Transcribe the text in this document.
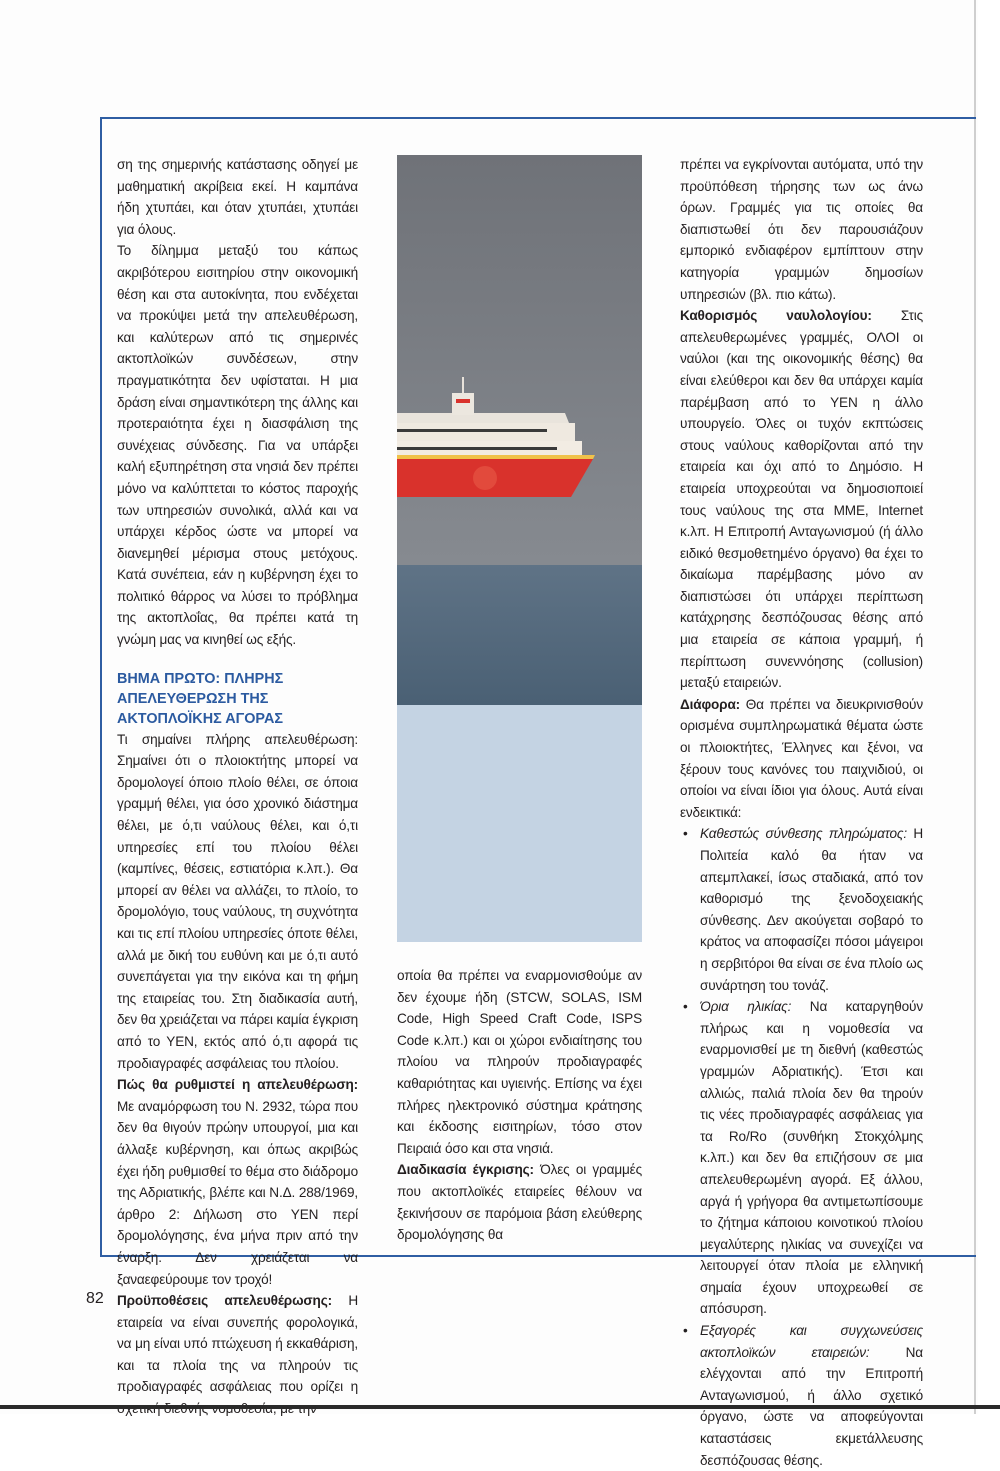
ση της σημερινής κατάστασης οδηγεί με μαθηματική ακρίβεια εκεί. Η καμπάνα ήδη χτυπάει, και όταν χτυπάει, χτυπάει για όλους.

Το δίλημμα μεταξύ του κάπως ακριβότερου εισιτηρίου στην οικονομική θέση και στα αυτοκίνητα, που ενδέχεται να προκύψει μετά την απελευθέρωση, και καλύτερων από τις σημερινές ακτοπλοϊκών συνδέσεων, στην πραγματικότητα δεν υφίσταται. Η μια δράση είναι σημαντικότερη της άλλης και προτεραιότητα έχει η διασφάλιση της συνέχειας σύνδεσης. Για να υπάρξει καλή εξυπηρέτηση στα νησιά δεν πρέπει μόνο να καλύπτεται το κόστος παροχής των υπηρεσιών συνολικά, αλλά και να υπάρχει κέρδος ώστε να μπορεί να διανεμηθεί μέρισμα στους μετόχους. Κατά συνέπεια, εάν η κυβέρνηση έχει το πολιτικό θάρρος να λύσει το πρόβλημα της ακτοπλοΐας, θα πρέπει κατά τη γνώμη μας να κινηθεί ως εξής.

ΒΗΜΑ ΠΡΩΤΟ: ΠΛΗΡΗΣ ΑΠΕΛΕΥΘΕΡΩΣΗ ΤΗΣ ΑΚΤΟΠΛΟΪΚΗΣ ΑΓΟΡΑΣ

Τι σημαίνει πλήρης απελευθέρωση: Σημαίνει ότι ο πλοιοκτήτης μπορεί να δρομολογεί όποιο πλοίο θέλει, σε όποια γραμμή θέλει, για όσο χρονικό διάστημα θέλει, με ό,τι ναύλους θέλει, και ό,τι υπηρεσίες επί του πλοίου θέλει (καμπίνες, θέσεις, εστιατόρια κ.λπ.). Θα μπορεί αν θέλει να αλλάζει, το πλοίο, το δρομολόγιο, τους ναύλους, τη συχνότητα και τις επί πλοίου υπηρεσίες όποτε θέλει, αλλά με δική του ευθύνη και με ό,τι αυτό συνεπάγεται για την εικόνα και τη φήμη της εταιρείας του. Στη διαδικασία αυτή, δεν θα χρειάζεται να πάρει καμία έγκριση από το ΥΕΝ, εκτός από ό,τι αφορά τις προδιαγραφές ασφάλειας του πλοίου.

Πώς θα ρυθμιστεί η απελευθέρωση: Με αναμόρφωση του Ν. 2932, τώρα που δεν θα θιγούν πρώην υπουργοί, μια και άλλαξε κυβέρνηση, και όπως ακριβώς έχει ήδη ρυθμισθεί το θέμα στο διάδρομο της Αδριατικής, βλέπε και Ν.Δ. 288/1969, άρθρο 2: Δήλωση στο ΥΕΝ περί δρομολόγησης, ένα μήνα πριν από την έναρξη. Δεν χρειάζεται να ξαναεφεύρουμε τον τροχό!

Προϋποθέσεις απελευθέρωσης: Η εταιρεία να είναι συνεπής φορολογικά, να μη είναι υπό πτώχευση ή εκκαθάριση, και τα πλοία της να πληρούν τις προδιαγραφές ασφάλειας που ορίζει η

οποία θα πρέπει να εναρμονισθούμε αν δεν έχουμε ήδη (STCW, SOLAS, ISM Code, High Speed Craft Code, ISPS Code κ.λπ.) και οι χώροι ενδιαίτησης του πλοίου να πληρούν προδιαγραφές καθαριότητας και υγιεινής. Επίσης να έχει πλήρες ηλεκτρονικό σύστημα κράτησης και έκδοσης εισιτηρίων, τόσο στον Πειραιά όσο και στα νησιά.

Διαδικασία έγκρισης: Όλες οι γραμμές που ακτοπλοϊκές εταιρείες θέλουν να ξεκινήσουν σε παρόμοια βάση ελεύθερης δρομολόγησης θα

πρέπει να εγκρίνονται αυτόματα, υπό την προϋπόθεση τήρησης των ως άνω όρων. Γραμμές για τις οποίες θα διαπιστωθεί ότι δεν παρουσιάζουν εμπορικό ενδιαφέρον εμπίπτουν στην κατηγορία γραμμών δημοσίων υπηρεσιών (βλ. πιο κάτω).

Καθορισμός ναυλολογίου: Στις απελευθερωμένες γραμμές, ΟΛΟΙ οι ναύλοι (και της οικονομικής θέσης) θα είναι ελεύθεροι και δεν θα υπάρχει καμία παρέμβαση από το ΥΕΝ η άλλο υπουργείο. Όλες οι τυχόν εκπτώσεις στους ναύλους καθορίζονται από την εταιρεία και όχι από το Δημόσιο. Η εταιρεία υποχρεούται να δημοσιοποιεί τους ναύλους της στα ΜΜΕ, Internet κ.λπ. Η Επιτροπή Ανταγωνισμού (ή άλλο ειδικό θεσμοθετημένο όργανο) θα έχει το δικαίωμα παρέμβασης μόνο αν διαπιστώσει ότι υπάρχει περίπτωση κατάχρησης δεσπόζουσας θέσης από μια εταιρεία σε κάποια γραμμή, ή περίπτωση συνεννόησης (collusion) μεταξύ εταιρειών.

Διάφορα: Θα πρέπει να διευκρινισθούν ορισμένα συμπληρωματικά θέματα ώστε οι πλοιοκτήτες, Έλληνες και ξένοι, να ξέρουν τους κανόνες του παιχνιδιού, οι οποίοι να είναι ίδιοι για όλους. Αυτά είναι ενδεικτικά:

• Καθεστώς σύνθεσης πληρώματος: Η Πολιτεία καλό θα ήταν να απεμπλακεί, ίσως σταδιακά, από τον καθορισμό της ξενοδοχειακής σύνθεσης. Δεν ακούγεται σοβαρό το κράτος να αποφασίζει πόσοι μάγειροι η σερβιτόροι θα είναι σε ένα πλοίο ως συνάρτηση του τονάζ.
• Όρια ηλικίας: Να καταργηθούν πλήρως και η νομοθεσία να εναρμονισθεί με τη διεθνή (καθεστώς γραμμών Αδριατικής). Έτσι και αλλιώς, παλιά πλοία δεν θα τηρούν τις νέες προδιαγραφές ασφάλειας για τα Ro/Ro (συνθήκη Στοκχόλμης κ.λπ.) και δεν θα επιζήσουν σε μια απελευθερωμένη αγορά. Εξ άλλου, αργά ή γρήγορα θα αντιμετωπίσουμε το ζήτημα κάποιου κοινοτικού πλοίου μεγαλύτερης ηλικίας να συνεχίζει να λειτουργεί όταν πλοία με ελληνική σημαία έχουν υποχρεωθεί σε απόσυρση.
• Εξαγορές και συγχωνεύσεις ακτοπλοϊκών εταιρειών: Να ελέγχονται από την Επιτροπή Ανταγωνισμού, ή άλλο σχετικό όργανο, ώστε να αποφεύγονται καταστάσεις εκμετάλλευσης δεσπόζουσας θέσης.
82
